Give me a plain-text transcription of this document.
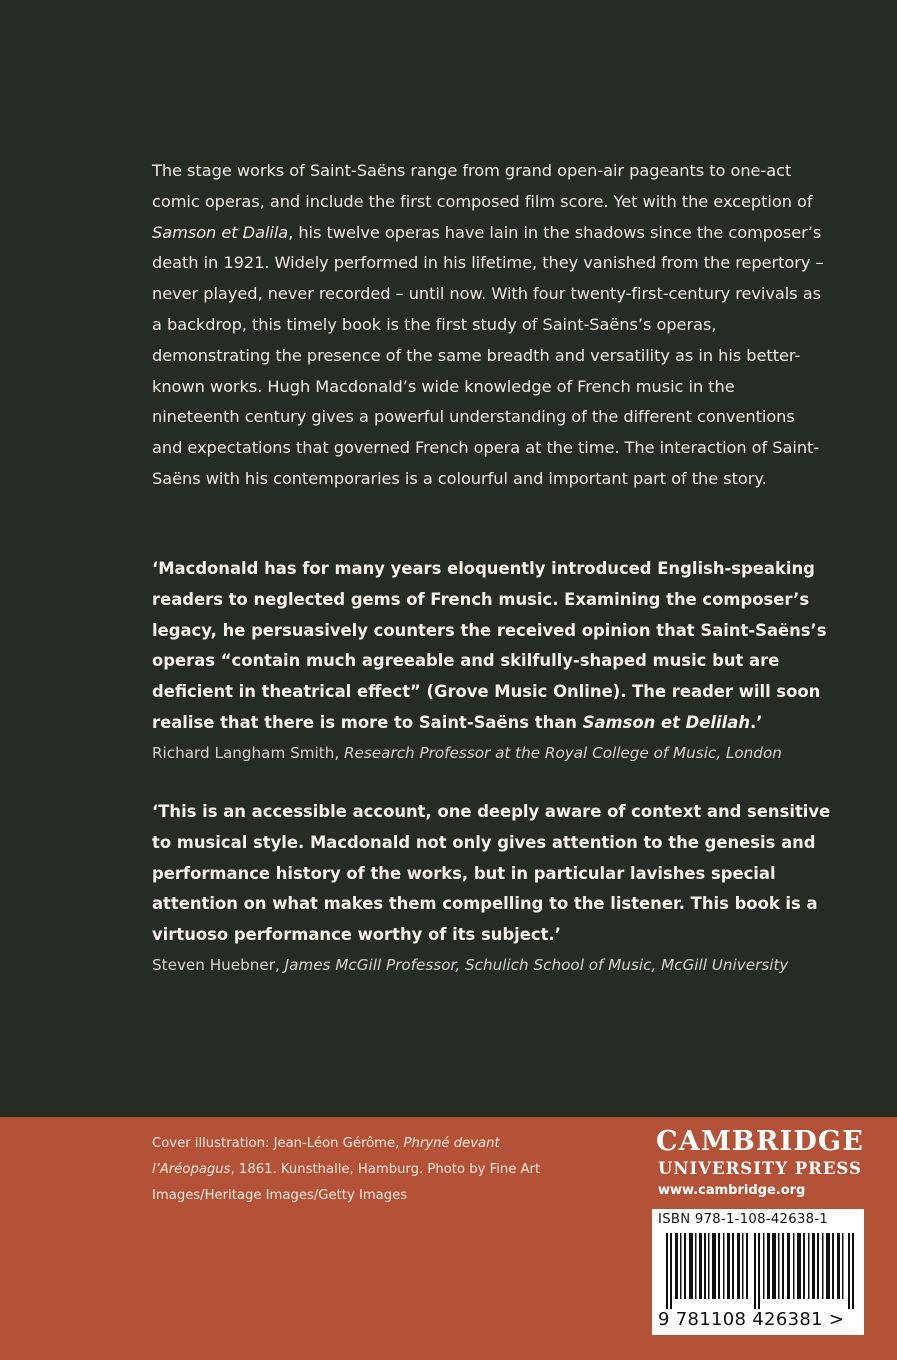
The stage works of Saint-Saëns range from grand open-air pageants to one-act comic operas, and include the first composed film score. Yet with the exception of Samson et Dalila, his twelve operas have lain in the shadows since the composer’s death in 1921. Widely performed in his lifetime, they vanished from the repertory – never played, never recorded – until now. With four twenty-first-century revivals as a backdrop, this timely book is the first study of Saint-Saëns’s operas, demonstrating the presence of the same breadth and versatility as in his better-known works. Hugh Macdonald’s wide knowledge of French music in the nineteenth century gives a powerful understanding of the different conventions and expectations that governed French opera at the time. The interaction of Saint-Saëns with his contemporaries is a colourful and important part of the story.

‘Macdonald has for many years eloquently introduced English-speaking readers to neglected gems of French music. Examining the composer’s legacy, he persuasively counters the received opinion that Saint-Saëns’s operas “contain much agreeable and skilfully-shaped music but are deficient in theatrical effect” (Grove Music Online). The reader will soon realise that there is more to Saint-Saëns than Samson et Delilah.’

Richard Langham Smith, Research Professor at the Royal College of Music, London

‘This is an accessible account, one deeply aware of context and sensitive to musical style. Macdonald not only gives attention to the genesis and performance history of the works, but in particular lavishes special attention on what makes them compelling to the listener. This book is a virtuoso performance worthy of its subject.’

Steven Huebner, James McGill Professor, Schulich School of Music, McGill University
Cover illustration: Jean-Léon Gérôme, Phryné devant l’Aréopagus, 1861. Kunsthalle, Hamburg. Photo by Fine Art Images/Heritage Images/Getty Images
CAMBRIDGE
UNIVERSITY PRESS
www.cambridge.org
ISBN 978-1-108-42638-1
9 781108 426381 >
